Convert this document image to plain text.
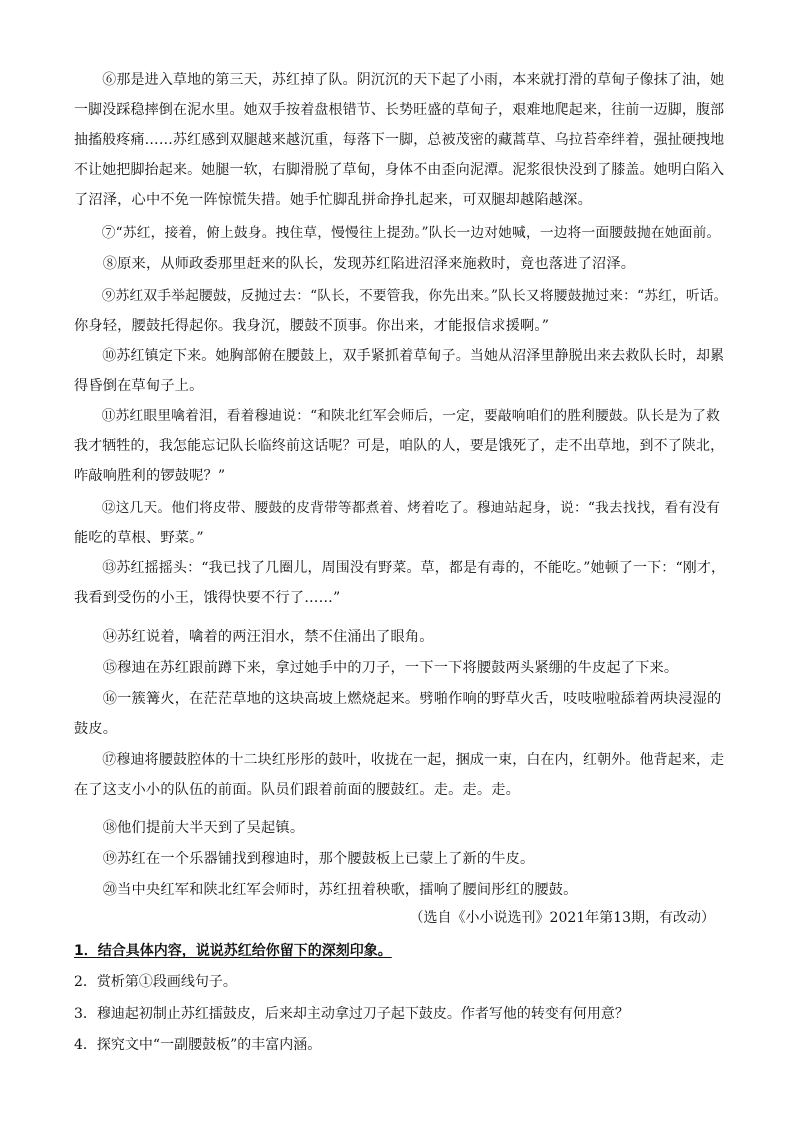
　　⑥那是进入草地的第三天，苏红掉了队。阴沉沉的天下起了小雨，本来就打滑的草甸子像抹了油，她
一脚没踩稳摔倒在泥水里。她双手按着盘根错节、长势旺盛的草甸子，艰难地爬起来，往前一迈脚，腹部
抽搐般疼痛……苏红感到双腿越来越沉重，每落下一脚，总被茂密的藏蒿草、乌拉苔牵绊着，强扯硬拽地
不让她把脚抬起来。她腿一软，右脚滑脱了草甸，身体不由歪向泥潭。泥浆很快没到了膝盖。她明白陷入
了沼泽，心中不免一阵惊慌失措。她手忙脚乱拼命挣扎起来，可双腿却越陷越深。

　　⑦“苏红，接着，俯上鼓身。拽住草，慢慢往上提劲。”队长一边对她喊，一边将一面腰鼓抛在她面前。

　　⑧原来，从师政委那里赶来的队长，发现苏红陷进沼泽来施救时，竟也落进了沼泽。

　　⑨苏红双手举起腰鼓，反抛过去：“队长，不要管我，你先出来。”队长又将腰鼓抛过来：“苏红，听话。
你身轻，腰鼓托得起你。我身沉，腰鼓不顶事。你出来，才能报信求援啊。”

　　⑩苏红镇定下来。她胸部俯在腰鼓上，双手紧抓着草甸子。当她从沼泽里静脱出来去救队长时，却累
得昏倒在草甸子上。

　　⑪苏红眼里噙着泪，看着穆迪说：“和陕北红军会师后，一定，要敲响咱们的胜利腰鼓。队长是为了救
我才牺牲的，我怎能忘记队长临终前这话呢？可是，咱队的人，要是饿死了，走不出草地，到不了陕北，
咋敲响胜利的锣鼓呢？”

　　⑫这几天。他们将皮带、腰鼓的皮背带等都煮着、烤着吃了。穆迪站起身，说：“我去找找，看有没有
能吃的草根、野菜。”

　　⑬苏红摇摇头：“我已找了几圈儿，周围没有野菜。草，都是有毒的，不能吃。”她顿了一下：“刚才，
我看到受伤的小王，饿得快要不行了……”

　　⑭苏红说着，噙着的两汪泪水，禁不住涌出了眼角。

　　⑮穆迪在苏红跟前蹲下来，拿过她手中的刀子，一下一下将腰鼓两头紧绷的牛皮起了下来。

　　⑯一簇篝火，在茫茫草地的这块高坡上燃烧起来。劈啪作响的野草火舌，吱吱啦啦舔着两块浸湿的
鼓皮。

　　⑰穆迪将腰鼓腔体的十二块红彤彤的鼓叶，收拢在一起，捆成一束，白在内，红朝外。他背起来，走
在了这支小小的队伍的前面。队员们跟着前面的腰鼓红。走。走。走。

　　⑱他们提前大半天到了吴起镇。

　　⑲苏红在一个乐器铺找到穆迪时，那个腰鼓板上已蒙上了新的牛皮。

　　⑳当中央红军和陕北红军会师时，苏红扭着秧歌，擂响了腰间彤红的腰鼓。

（选自《小小说选刊》2021年第13期，有改动）
1．结合具体内容，说说苏红给你留下的深刻印象。
2．赏析第①段画线句子。
3．穆迪起初制止苏红擂鼓皮，后来却主动拿过刀子起下鼓皮。作者写他的转变有何用意？
4．探究文中“一副腰鼓板”的丰富内涵。
